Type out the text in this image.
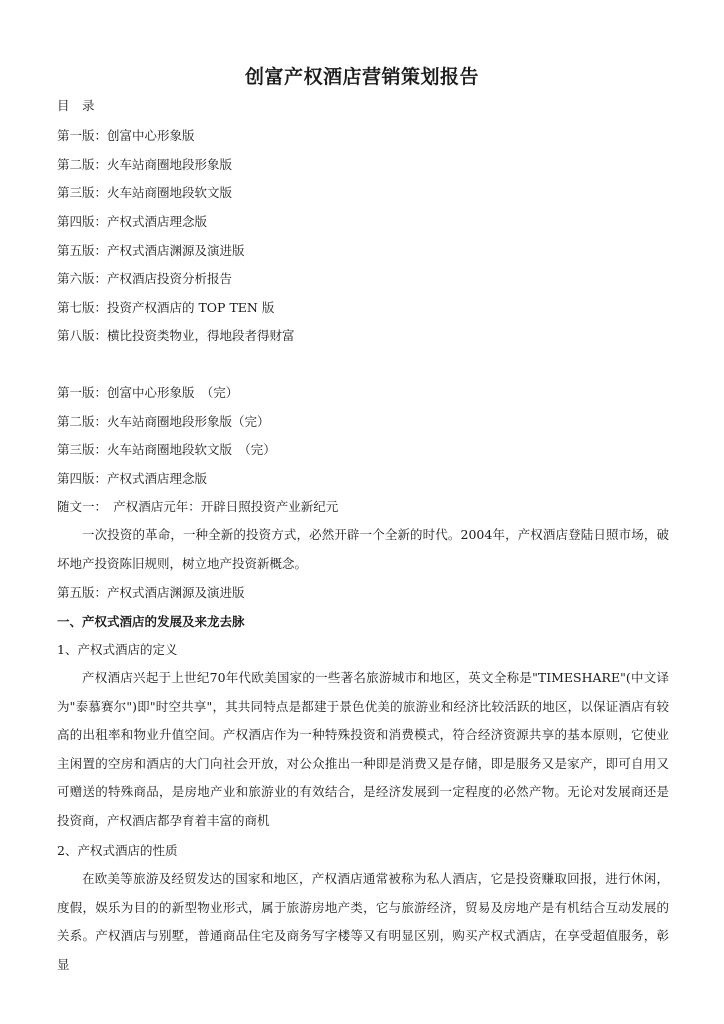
创富产权酒店营销策划报告
目　录
第一版：创富中心形象版
第二版：火车站商圈地段形象版
第三版：火车站商圈地段软文版
第四版：产权式酒店理念版
第五版：产权式酒店渊源及演进版
第六版：产权酒店投资分析报告
第七版：投资产权酒店的 TOP TEN 版
第八版：横比投资类物业，得地段者得财富
第一版：创富中心形象版　（完）
第二版：火车站商圈地段形象版（完）
第三版：火车站商圈地段软文版　（完）
第四版：产权式酒店理念版
随文一：　产权酒店元年：开辟日照投资产业新纪元
一次投资的革命，一种全新的投资方式，必然开辟一个全新的时代。2004年，产权酒店登陆日照市场，破坏地产投资陈旧规则，树立地产投资新概念。
第五版：产权式酒店渊源及演进版
一、产权式酒店的发展及来龙去脉
1、产权式酒店的定义
产权酒店兴起于上世纪70年代欧美国家的一些著名旅游城市和地区，英文全称是"TIMESHARE"(中文译为"泰慕赛尔")即"时空共享"，其共同特点是都建于景色优美的旅游业和经济比较活跃的地区，以保证酒店有较高的出租率和物业升值空间。产权酒店作为一种特殊投资和消费模式，符合经济资源共享的基本原则，它使业主闲置的空房和酒店的大门向社会开放，对公众推出一种即是消费又是存储，即是服务又是家产，即可自用又可赠送的特殊商品，是房地产业和旅游业的有效结合，是经济发展到一定程度的必然产物。无论对发展商还是投资商，产权酒店都孕育着丰富的商机
2、产权式酒店的性质
在欧美等旅游及经贸发达的国家和地区，产权酒店通常被称为私人酒店，它是投资赚取回报，进行休闲，度假，娱乐为目的的新型物业形式，属于旅游房地产类，它与旅游经济，贸易及房地产是有机结合互动发展的关系。产权酒店与别墅，普通商品住宅及商务写字楼等又有明显区别，购买产权式酒店，在享受超值服务，彰显
